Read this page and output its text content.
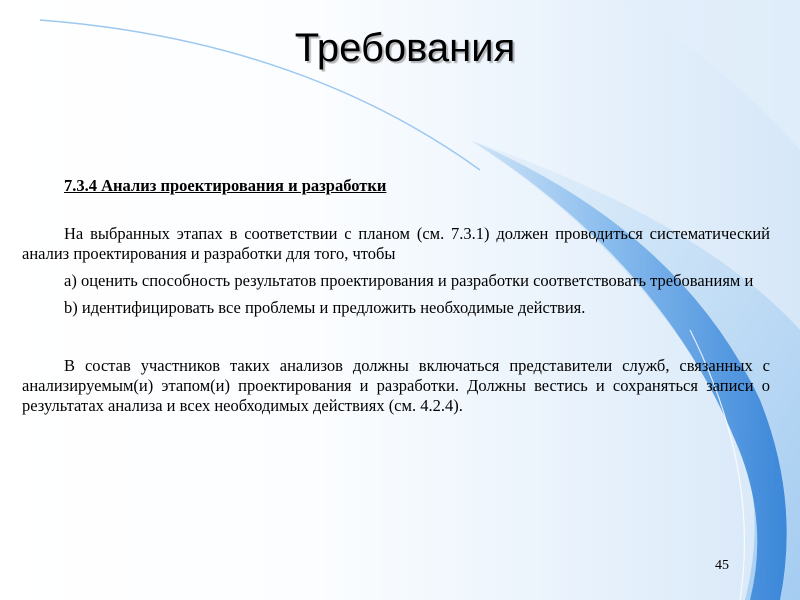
Требования

7.3.4 Анализ проектирования и разработки

На выбранных этапах в соответствии с планом (см. 7.3.1) должен проводиться систематический анализ проектирования и разработки для того, чтобы

а) оценить способность результатов проектирования и разработки соответствовать требованиям и

b) идентифицировать все проблемы и предложить необходимые действия.

В состав участников таких анализов должны включаться представители служб, связанных с анализируемым(и) этапом(и) проектирования и разработки. Должны вестись и сохраняться записи о результатах анализа и всех необходимых действиях (см. 4.2.4).

45
